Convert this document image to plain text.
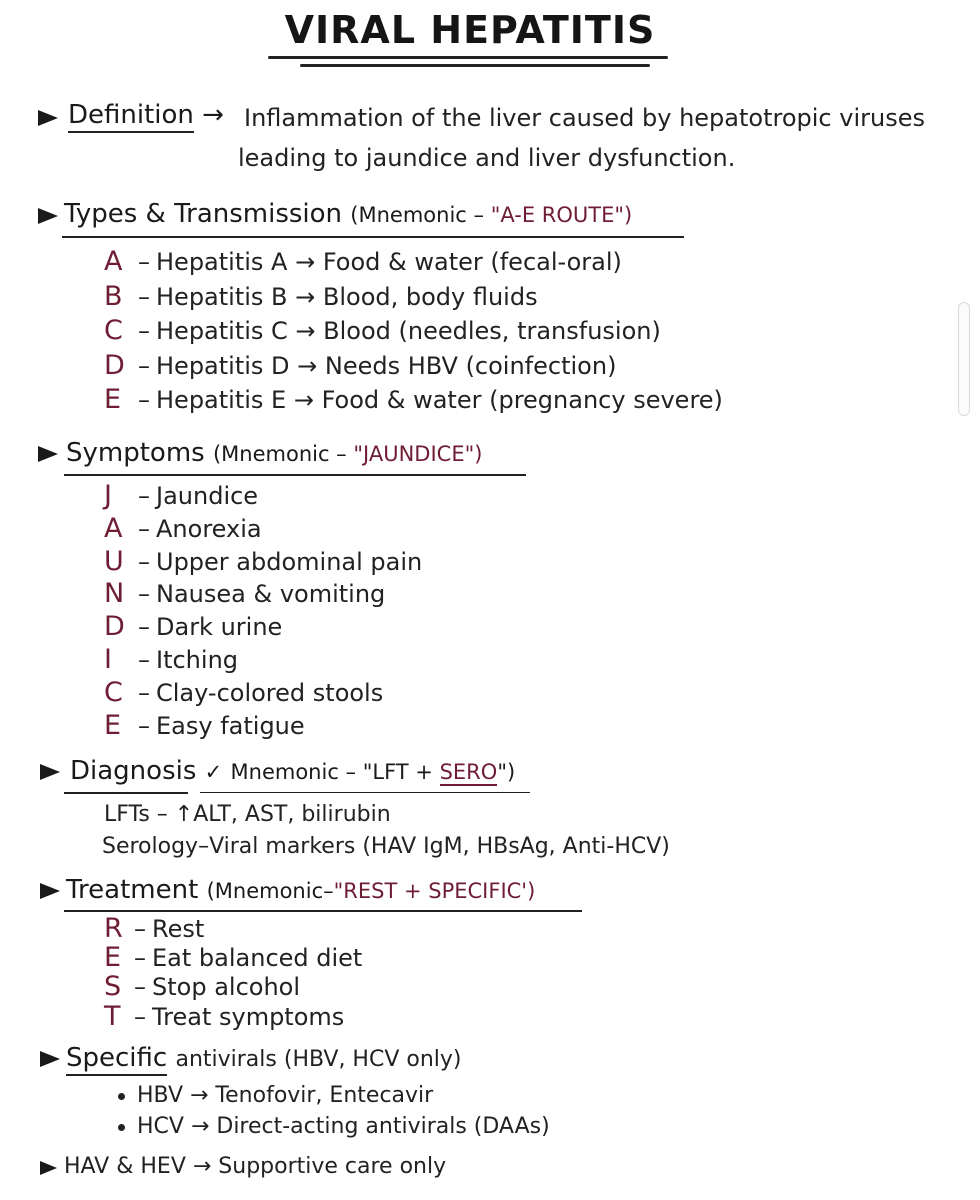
VIRAL HEPATITIS
Definition → Inflammation of the liver caused by hepatotropic viruses
leading to jaundice and liver dysfunction.
Types & Transmission (Mnemonic – "A-E ROUTE")
A – Hepatitis A → Food & water (fecal-oral)
B – Hepatitis B → Blood, body fluids
C – Hepatitis C → Blood (needles, transfusion)
D – Hepatitis D → Needs HBV (coinfection)
E – Hepatitis E → Food & water (pregnancy severe)
Symptoms (Mnemonic – "JAUNDICE")
J – Jaundice
A – Anorexia
U – Upper abdominal pain
N – Nausea & vomiting
D – Dark urine
I – Itching
C – Clay-colored stools
E – Easy fatigue
Diagnosis ✓ Mnemonic – "LFT + SERO")
LFTs – ↑ALT, AST, bilirubin
Serology–Viral markers (HAV IgM, HBsAg, Anti-HCV)
Treatment (Mnemonic–"REST + SPECIFIC')
R – Rest
E – Eat balanced diet
S – Stop alcohol
T – Treat symptoms
Specific antivirals (HBV, HCV only)
HBV → Tenofovir, Entecavir
HCV → Direct-acting antivirals (DAAs)
HAV & HEV → Supportive care only
